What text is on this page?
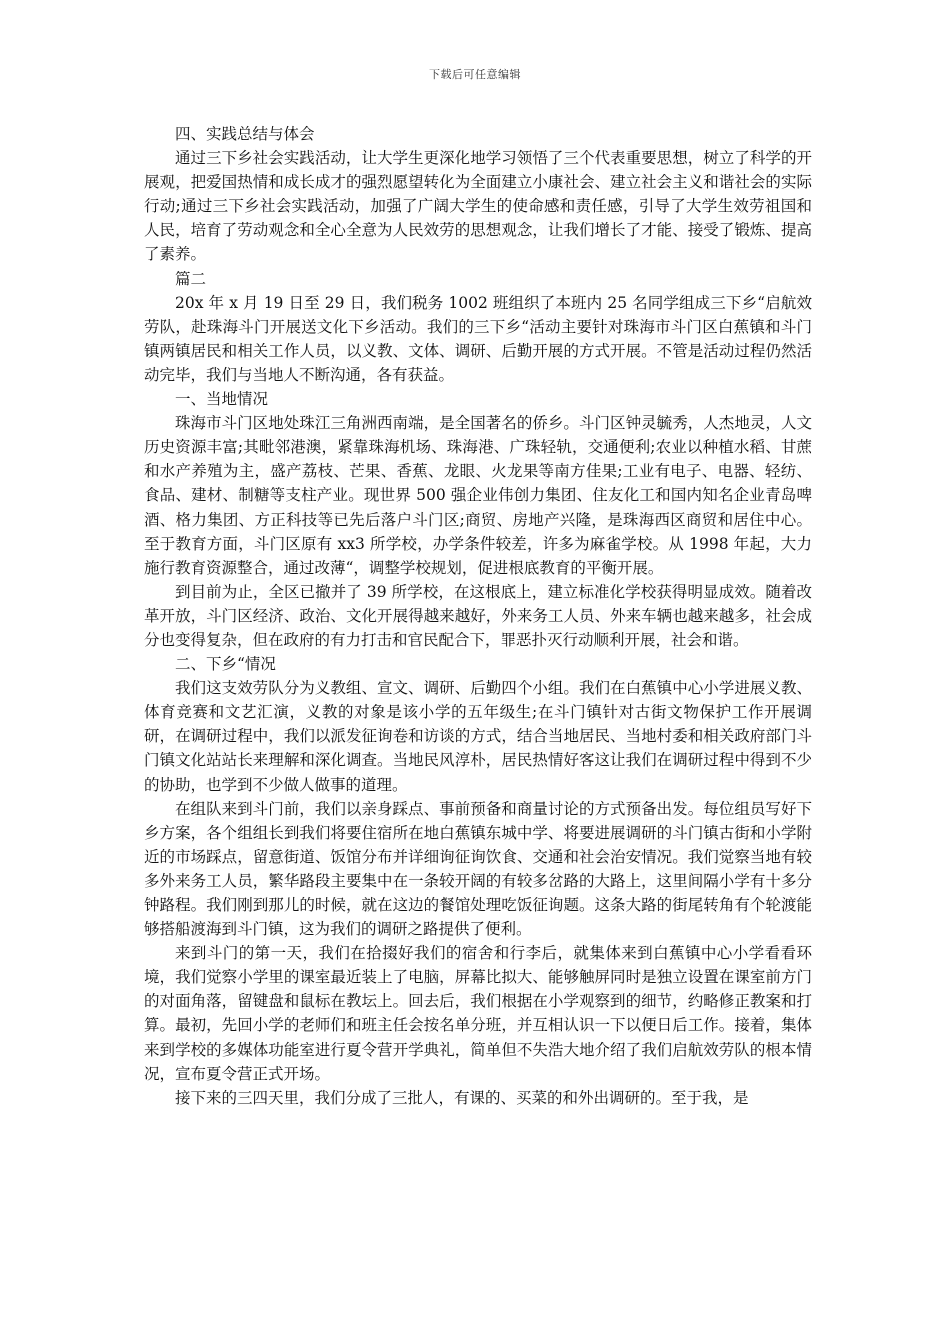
下载后可任意编辑

四、实践总结与体会

通过三下乡社会实践活动，让大学生更深化地学习领悟了三个代表重要思想，树立了科学的开展观，把爱国热情和成长成才的强烈愿望转化为全面建立小康社会、建立社会主义和谐社会的实际行动;通过三下乡社会实践活动，加强了广阔大学生的使命感和责任感，引导了大学生效劳祖国和人民，培育了劳动观念和全心全意为人民效劳的思想观念，让我们增长了才能、接受了锻炼、提高了素养。

篇二

20x 年 x 月 19 日至 29 日，我们税务 1002 班组织了本班内 25 名同学组成三下乡“启航效劳队，赴珠海斗门开展送文化下乡活动。我们的三下乡“活动主要针对珠海市斗门区白蕉镇和斗门镇两镇居民和相关工作人员，以义教、文体、调研、后勤开展的方式开展。不管是活动过程仍然活动完毕，我们与当地人不断沟通，各有获益。

一、当地情况

珠海市斗门区地处珠江三角洲西南端，是全国著名的侨乡。斗门区钟灵毓秀，人杰地灵，人文历史资源丰富;其毗邻港澳，紧靠珠海机场、珠海港、广珠轻轨，交通便利;农业以种植水稻、甘蔗和水产养殖为主，盛产荔枝、芒果、香蕉、龙眼、火龙果等南方佳果;工业有电子、电器、轻纺、食品、建材、制糖等支柱产业。现世界 500 强企业伟创力集团、住友化工和国内知名企业青岛啤酒、格力集团、方正科技等已先后落户斗门区;商贸、房地产兴隆，是珠海西区商贸和居住中心。至于教育方面，斗门区原有 xx3 所学校，办学条件较差，许多为麻雀学校。从 1998 年起，大力施行教育资源整合，通过改薄“，调整学校规划，促进根底教育的平衡开展。

到目前为止，全区已撤并了 39 所学校，在这根底上，建立标准化学校获得明显成效。随着改革开放，斗门区经济、政治、文化开展得越来越好，外来务工人员、外来车辆也越来越多，社会成分也变得复杂，但在政府的有力打击和官民配合下，罪恶扑灭行动顺利开展，社会和谐。

二、下乡“情况

我们这支效劳队分为义教组、宣文、调研、后勤四个小组。我们在白蕉镇中心小学进展义教、体育竞赛和文艺汇演，义教的对象是该小学的五年级生;在斗门镇针对古街文物保护工作开展调研，在调研过程中，我们以派发征询卷和访谈的方式，结合当地居民、当地村委和相关政府部门斗门镇文化站站长来理解和深化调查。当地民风淳朴，居民热情好客这让我们在调研过程中得到不少的协助，也学到不少做人做事的道理。

在组队来到斗门前，我们以亲身踩点、事前预备和商量讨论的方式预备出发。每位组员写好下乡方案，各个组组长到我们将要住宿所在地白蕉镇东城中学、将要进展调研的斗门镇古街和小学附近的市场踩点，留意街道、饭馆分布并详细询征询饮食、交通和社会治安情况。我们觉察当地有较多外来务工人员，繁华路段主要集中在一条较开阔的有较多岔路的大路上，这里间隔小学有十多分钟路程。我们刚到那儿的时候，就在这边的餐馆处理吃饭征询题。这条大路的街尾转角有个轮渡能够搭船渡海到斗门镇，这为我们的调研之路提供了便利。

来到斗门的第一天，我们在拾掇好我们的宿舍和行李后，就集体来到白蕉镇中心小学看看环境，我们觉察小学里的课室最近装上了电脑，屏幕比拟大、能够触屏同时是独立设置在课室前方门的对面角落，留键盘和鼠标在教坛上。回去后，我们根据在小学观察到的细节，约略修正教案和打算。最初，先回小学的老师们和班主任会按名单分班，并互相认识一下以便日后工作。接着，集体来到学校的多媒体功能室进行夏令营开学典礼，简单但不失浩大地介绍了我们启航效劳队的根本情况，宣布夏令营正式开场。

接下来的三四天里，我们分成了三批人，有课的、买菜的和外出调研的。至于我，是
